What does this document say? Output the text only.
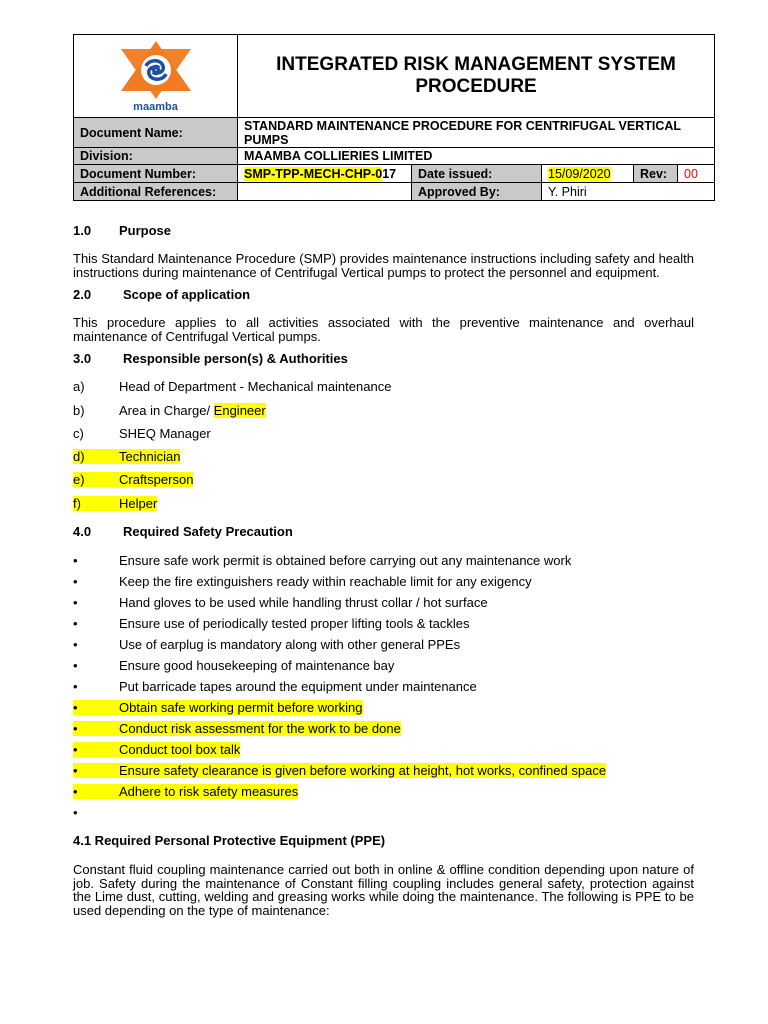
maamba	INTEGRATED RISK MANAGEMENT SYSTEM PROCEDURE				
Document Name:	STANDARD MAINTENANCE PROCEDURE FOR CENTRIFUGAL VERTICAL PUMPS				
Division:	MAAMBA COLLIERIES LIMITED				
Document Number:	SMP-TPP-MECH-CHP-017	Date issued:	15/09/2020	Rev:	00
Additional References:		Approved By:	Y. Phiri		
1.0 Purpose
This Standard Maintenance Procedure (SMP) provides maintenance instructions including safety and health instructions during maintenance of Centrifugal Vertical pumps to protect the personnel and equipment.
2.0 Scope of application
This procedure applies to all activities associated with the preventive maintenance and overhaul maintenance of Centrifugal Vertical pumps.
3.0 Responsible person(s) & Authorities
a)	Head of Department - Mechanical maintenance
b)	Area in Charge/ Engineer
c)	SHEQ Manager
d)	Technician
e)	Craftsperson
f)	Helper
4.0 Required Safety Precaution
•	Ensure safe work permit is obtained before carrying out any maintenance work
•	Keep the fire extinguishers ready within reachable limit for any exigency
•	Hand gloves to be used while handling thrust collar / hot surface
•	Ensure use of periodically tested proper lifting tools & tackles
•	Use of earplug is mandatory along with other general PPEs
•	Ensure good housekeeping of maintenance bay
•	Put barricade tapes around the equipment under maintenance
•	Obtain safe working permit before working
•	Conduct risk assessment for the work to be done
•	Conduct tool box talk
•	Ensure safety clearance is given before working at height, hot works, confined space
•	Adhere to risk safety measures
•
4.1 Required Personal Protective Equipment (PPE)
Constant fluid coupling maintenance carried out both in online & offline condition depending upon nature of job. Safety during the maintenance of Constant filling coupling includes general safety, protection against the Lime dust, cutting, welding and greasing works while doing the maintenance. The following is PPE to be used depending on the type of maintenance:
